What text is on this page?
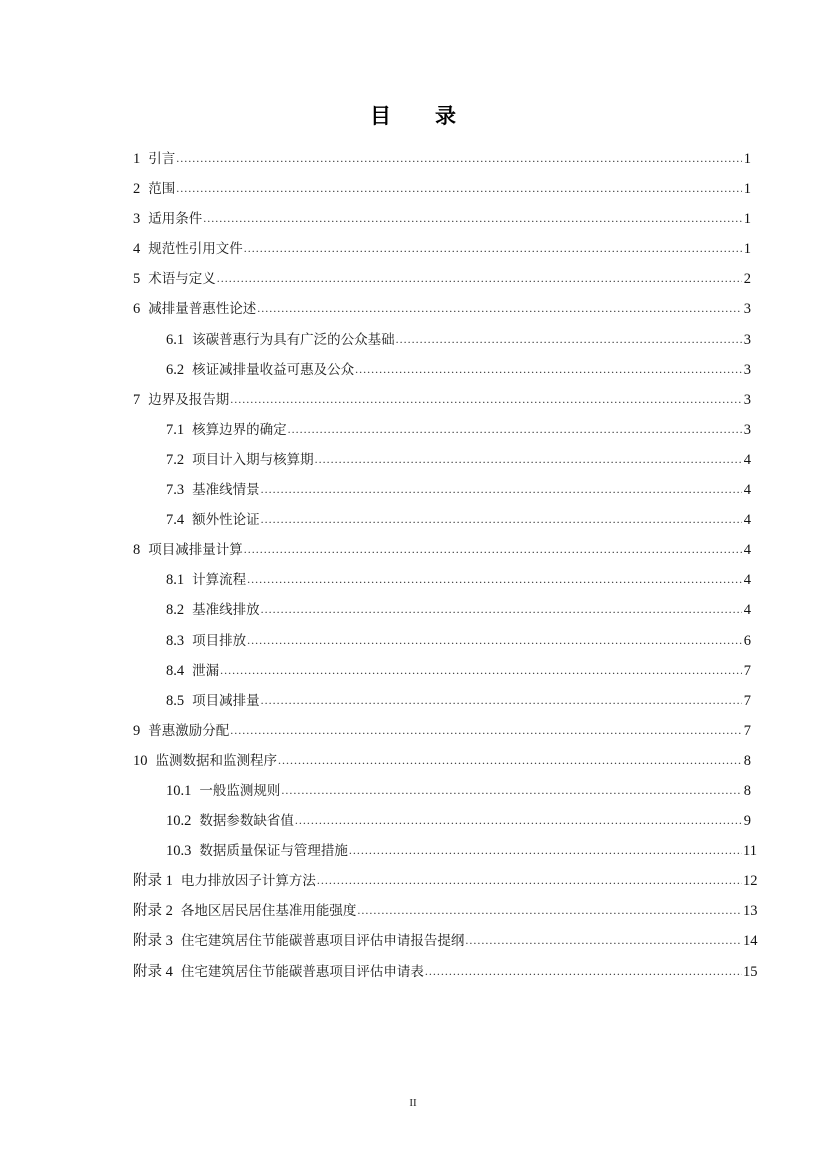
目 录
1 引言 .....	1
2 范围 .....	1
3 适用条件 .....	1
4 规范性引用文件 .....	1
5 术语与定义 .....	2
6 减排量普惠性论述 .....	3
6.1 该碳普惠行为具有广泛的公众基础 .....	3
6.2 核证减排量收益可惠及公众 .....	3
7 边界及报告期 .....	3
7.1 核算边界的确定 .....	3
7.2 项目计入期与核算期 .....	4
7.3 基准线情景 .....	4
7.4 额外性论证 .....	4
8 项目减排量计算 .....	4
8.1 计算流程 .....	4
8.2 基准线排放 .....	4
8.3 项目排放 .....	6
8.4 泄漏 .....	7
8.5 项目减排量 .....	7
9 普惠激励分配 .....	7
10 监测数据和监测程序 .....	8
10.1 一般监测规则 .....	8
10.2 数据参数缺省值 .....	9
10.3 数据质量保证与管理措施 .....	11
附录 1 电力排放因子计算方法 .....	12
附录 2 各地区居民居住基准用能强度 .....	13
附录 3 住宅建筑居住节能碳普惠项目评估申请报告提纲 .....	14
附录 4 住宅建筑居住节能碳普惠项目评估申请表 .....	15
II
